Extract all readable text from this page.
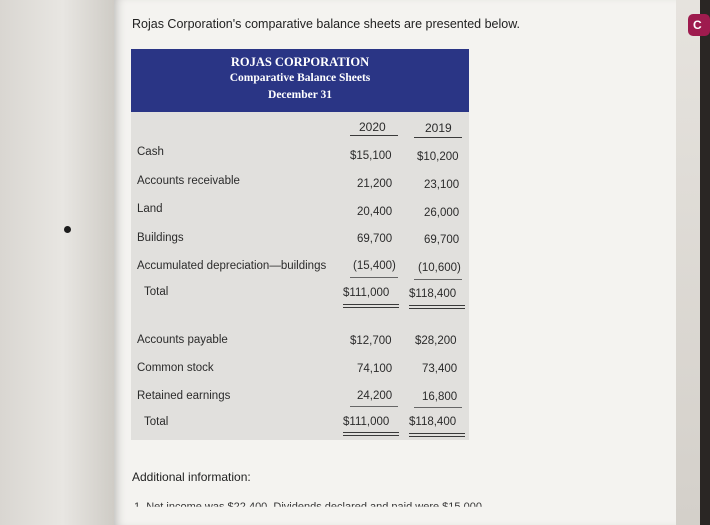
C
Rojas Corporation's comparative balance sheets are presented below.
ROJAS CORPORATION
Comparative Balance Sheets
December 31
2020	2019
Cash	$15,100 $10,200
Accounts receivable	21,200	23,100
Land	20,400	26,000
Buildings	69,700	69,700
Accumulated depreciation—buildings (15,400) (10,600)
Total	$111,000 $118,400
Accounts payable	$12,700 $28,200
Common stock	74,100	73,400
Retained earnings	24,200	16,800
Total	$111,000 $118,400
Additional information:
